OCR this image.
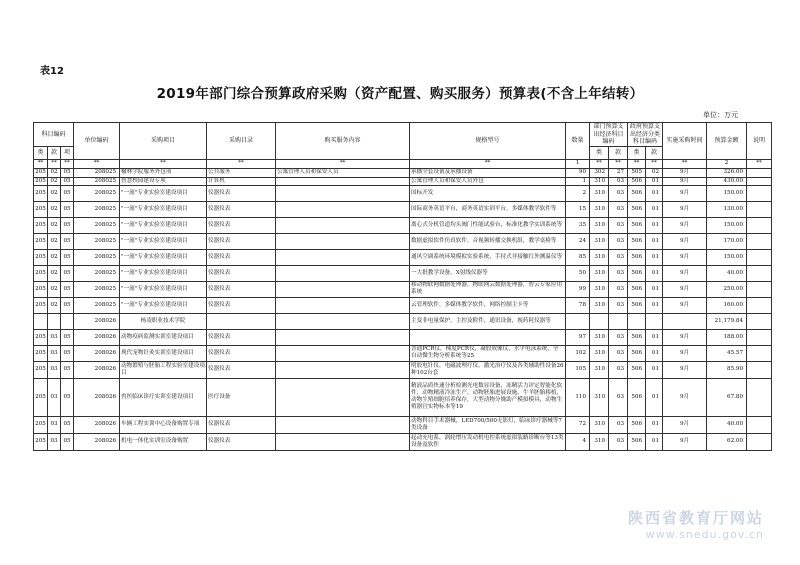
表12
2019年部门综合预算政府采购（资产配置、购买服务）预算表(不含上年结转）
单位：万元
科目编码			单位编码	采购项目	采购目录	购买服务内容	规格型号	数量	部门预算支出经济科目编码		政府预算支出经济分类科目编码		实施采购时间	预算金额	说明
类	款	项							类	款	类	款			
**	**	**	**	**	**	**	**	1	**	**	**	**	**	2	**
205	02	05	208025	榆林学院服务外包项	公共服务	公寓管理人员和保安人员	承播全套设备及承播设备	90	302	27	505	02	9月	326.00	
205	02	05	208025	智慧校园建设专项	计算机		公寓管理人员和保安人员外包	1	310	03	506	01	9月	430.00	
205	02	05	208025	"一流"专业实验室建设项目	仪器仪表		国标开发	2	310	03	506	01	9月	150.00	
205	02	05	208025	"一流"专业实验室建设项目	仪器仪表		国际商务英语平台，商务英语实训平台，多媒体教学软件等	15	310	03	506	01	9月	130.00	
205	02	05	208025	"一流"专业实验室建设项目	仪器仪表		离心式分机管道均头阀门性能试验台，标准化教学实训系统等	35	310	03	506	01	9月	150.00	
205	02	05	208025	"一流"专业实验室建设项目	仪器仪表		数据虚拟软件仿真软件，音视频转播交换机组，教学桌椅等	24	310	03	506	01	9月	170.00	
205	02	05	208025	"一流"专业实验室建设项目	仪器仪表		通风空调系统环境模拟实验系统，手持式非接触红外测温仪等	85	310	03	506	01	9月	150.00	
205	02	05	208025	"一流"专业实验室建设项目	仪器仪表		一大批教学设备，X射线仪器等	50	310	03	506	01	9月	40.00	
205	02	05	208025	"一流"专业实验室建设项目	仪器仪表		移动物联网数据处理器，物联网云数据处理器，智云专家应用系统	99	310	03	506	01	9月	250.00	
205	02	05	208025	"一流"专业实验室建设项目	仪器仪表		云管理软件，多媒体教学软件，网络控制主卡等	78	310	03	506	01	9月	160.00	
			208026	杨凌职业技术学院			主变非电量保护，主控及附件，通讯设备，视药耗仪器等							21,179.84	
205	03	05	208026	动物疫病监测实训室建设项目	仪器仪表			97	310	03	506	01	9月	188.00	
205	03	05	208026	现代宠物针灸实训室建设项目	仪器仪表		普通PCR仪，梯度PCR仪，凝胶成像仪，水平电泳系统，全自动微生物分析系统等25	102	310	03	506	01	9月	45.57	
205	03	05	208026	动物繁殖与胚胎工程实验室建设项目	仪器仪表		明胶电针仪，电磁波理疗仪，激光治疗仪及各类辅助性设备26种102台套	105	310	03	506	01	9月	85.90	
205	03	05	208026	兽医临床诊疗实训室建设项目	医疗设备		精液品质快速分析检测光电数显设备，冻精活力评定智能化软件，动物精液冷冻生产，动物胚胎进展设施，牛羊胚胎移植，动物生殖细胞培养保存，大型动物分娩助产模拟模具，动物生殖器官实物标本等19	110	310	03	506	01	9月	67.80	
205	03	05	208026	车辆工程实训中心设备购置专项	仪器仪表		动物科目手术器械，LED700/500无影灯，临床诊疗器械等7类设备	72	310	03	506	01	9月	40.00	
205	03	05	208026	机电一体化实训室设备购置	仪器仪表		起动充电系，涡轮增压发动机电控系统虚拟装路诊断台等13类设备及软件	4	310	03	506	01	9月	62.00	
陕西省教育厅网站
www.snedu.gov.cn
